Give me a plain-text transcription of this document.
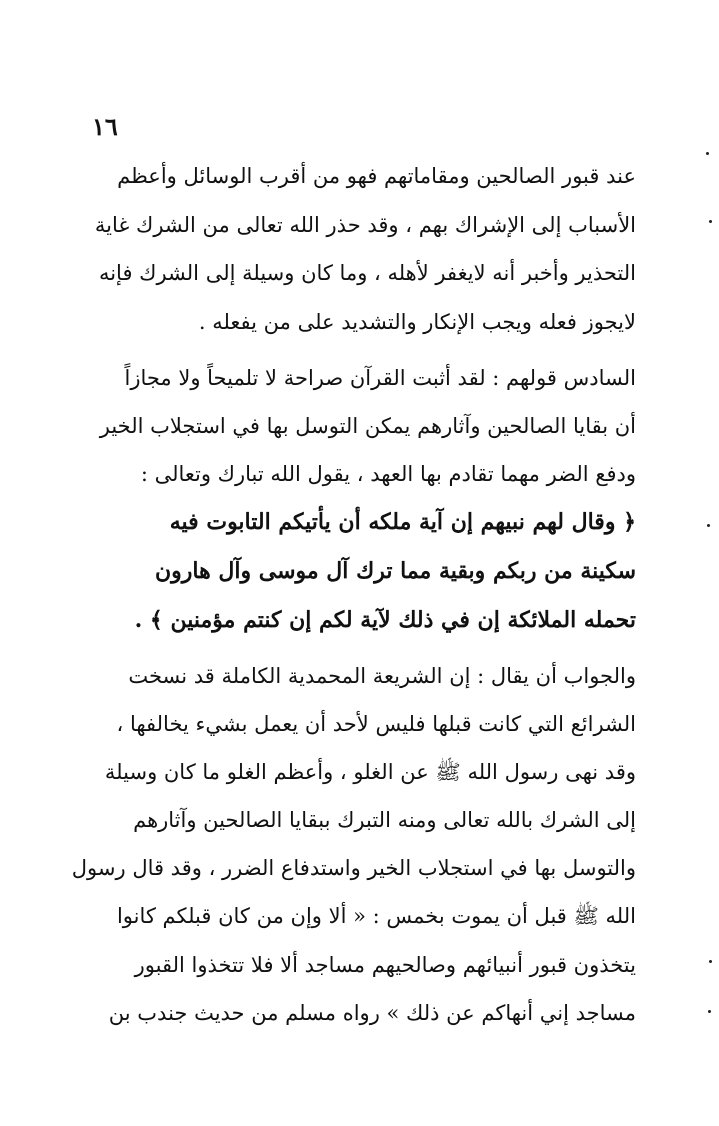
١٦
عند قبور الصالحين ومقاماتهم فهو من أقرب الوسائل وأعظم
الأسباب إلى الإشراك بهم ، وقد حذر الله تعالى من الشرك غاية
التحذير وأخبر أنه لايغفر لأهله ، وما كان وسيلة إلى الشرك فإنه
لايجوز فعله ويجب الإنكار والتشديد على من يفعله .
السادس قولهم : لقد أثبت القرآن صراحة لا تلميحاً ولا مجازاً
أن بقايا الصالحين وآثارهم يمكن التوسل بها في استجلاب الخير
ودفع الضر مهما تقادم بها العهد ، يقول الله تبارك وتعالى :
﴿ وقال لهم نبيهم إن آية ملكه أن يأتيكم التابوت فيه
سكينة من ربكم وبقية مما ترك آل موسى وآل هارون
تحمله الملائكة إن في ذلك لآية لكم إن كنتم مؤمنين ﴾ .
والجواب أن يقال : إن الشريعة المحمدية الكاملة قد نسخت
الشرائع التي كانت قبلها فليس لأحد أن يعمل بشيء يخالفها ،
وقد نهى رسول الله ﷺ عن الغلو ، وأعظم الغلو ما كان وسيلة
إلى الشرك بالله تعالى ومنه التبرك ببقايا الصالحين وآثارهم
والتوسل بها في استجلاب الخير واستدفاع الضرر ، وقد قال رسول
الله ﷺ قبل أن يموت بخمس : « ألا وإن من كان قبلكم كانوا
يتخذون قبور أنبيائهم وصالحيهم مساجد ألا فلا تتخذوا القبور
مساجد إني أنهاكم عن ذلك » رواه مسلم من حديث جندب بن
